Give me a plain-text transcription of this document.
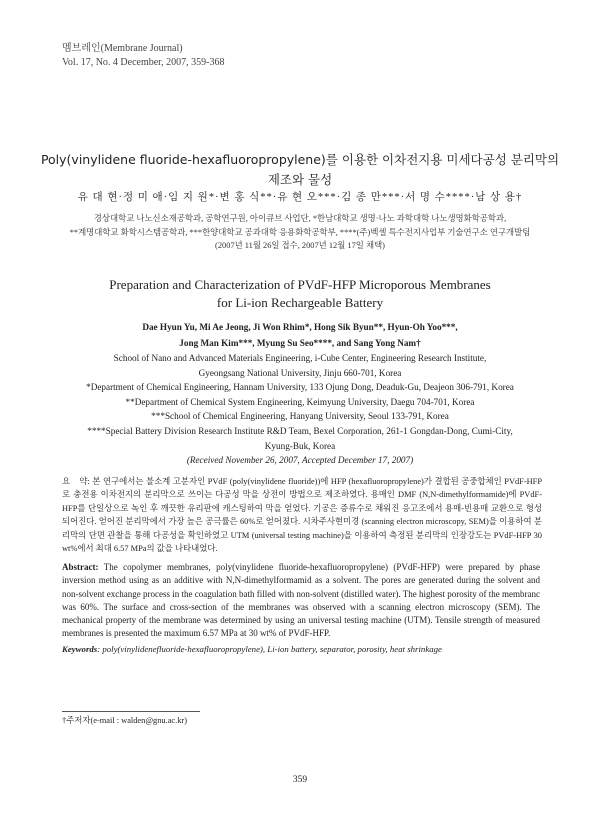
멤브레인(Membrane Journal)
Vol. 17, No. 4 December, 2007, 359-368
Poly(vinylidene fluoride-hexafluoropropylene)를 이용한 이차전지용 미세다공성 분리막의
제조와 물성
유 대 현·정 미 애·임 지 원*·변 홍 식**·유 현 오***·김 종 만***·서 명 수****·남 상 용†
경상대학교 나노신소재공학과, 공학연구원, 아이큐브 사업단, *한남대학교 생명·나노 과학대학 나노생명화학공학과,
**계명대학교 화학시스템공학과, ***한양대학교 공과대학 응용화학공학부, ****(주)벡셀 특수전지사업부 기술연구소 연구개발팀
(2007년 11월 26일 접수, 2007년 12월 17일 채택)
Preparation and Characterization of PVdF-HFP Microporous Membranes
for Li-ion Rechargeable Battery
Dae Hyun Yu, Mi Ae Jeong, Ji Won Rhim*, Hong Sik Byun**, Hyun-Oh Yoo***,
Jong Man Kim***, Myung Su Seo****, and Sang Yong Nam†
School of Nano and Advanced Materials Engineering, i-Cube Center, Engineering Research Institute,
Gyeongsang National University, Jinju 660-701, Korea
*Department of Chemical Engineering, Hannam University, 133 Ojung Dong, Deaduk-Gu, Deajeon 306-791, Korea
**Department of Chemical System Engineering, Keimyung University, Daegu 704-701, Korea
***School of Chemical Engineering, Hanyang University, Seoul 133-791, Korea
****Special Battery Division Research Institute R&D Team, Bexel Corporation, 261-1 Gongdan-Dong, Cumi-City,
Kyung-Buk, Korea
(Received November 26, 2007, Accepted December 17, 2007)
요　약: 본 연구에서는 불소계 고분자인 PVdF (poly(vinylidene fluoride))에 HFP (hexafluoropropylene)가 결합된 공중합체인 PVdF-HFP로 충전용 이차전지의 분리막으로 쓰이는 다공성 막을 상전이 방법으로 제조하였다. 용매인 DMF (N,N-dimethylformamide)에 PVdF-HFP를 단일상으로 녹인 후 깨끗한 유리판에 캐스팅하여 막을 얻었다. 기공은 증류수로 채워진 응고조에서 용매-빈용매 교환으로 형성되어진다. 얻어진 분리막에서 가장 높은 공극률은 60%로 얻어졌다. 시차주사현미경 (scanning electron microscopy, SEM)을 이용하여 분리막의 단면 관찰을 통해 다공성을 확인하였고 UTM (universal testing machine)을 이용하여 측정된 분리막의 인장강도는 PVdF-HFP 30 wt%에서 최대 6.57 MPa의 값을 나타내었다.
Abstract: The copolymer membranes, poly(vinylidene fluoride-hexafluoropropylene) (PVdF-HFP) were prepared by phase inversion method using as an additive with N,N-dimethylformamid as a solvent. The pores are generated during the solvent and non-solvent exchange process in the coagulation bath filled with non-solvent (distilled water). The highest porosity of the membranc was 60%. The surface and cross-section of the membranes was observed with a scanning electron microscopy (SEM). The mechanical property of the membrane was determined by using an universal testing machine (UTM). Tensile strength of measured membranes is presented the maximum 6.57 MPa at 30 wt% of PVdF-HFP.
Keywords: poly(vinylidenefluoride-hexafluoropropylene), Li-ion battery, separator, porosity, heat shrinkage
†주저자(e-mail : walden@gnu.ac.kr)
359
